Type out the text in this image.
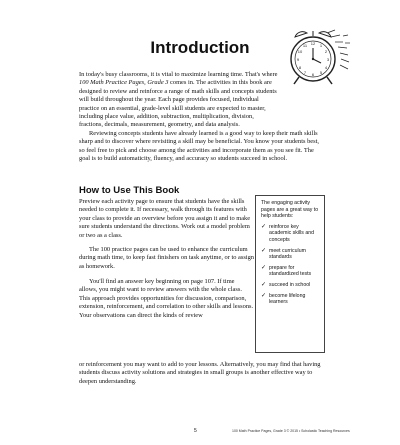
Introduction	12
3
6
9
1
2
4
5
7
8
10
11

In today's busy classrooms, it is vital to maximize learning time. That's where 100 Math Practice Pages, Grade 3 comes in. The activities in this book are designed to review and reinforce a range of math skills and concepts students will build throughout the year. Each page provides focused, individual practice on an essential, grade-level skill students are expected to master, including place value, addition, subtraction, multiplication, division, fractions, decimals, measurement, geometry, and data analysis.

Reviewing concepts students have already learned is a good way to keep their math skills sharp and to discover where revisiting a skill may be beneficial. You know your students best, so feel free to pick and choose among the activities and incorporate them as you see fit. The goal is to build automaticity, fluency, and accuracy so students succeed in school.

How to Use This Book

Preview each activity page to ensure that students have the skills needed to complete it. If necessary, walk through its features with your class to provide an overview before you assign it and to make sure students understand the directions. Work out a model problem or two as a class.

The 100 practice pages can be used to enhance the curriculum during math time, to keep fast finishers on task anytime, or to assign as homework.

You'll find an answer key beginning on page 107. If time allows, you might want to review answers with the whole class. This approach provides opportunities for discussion, comparison, extension, reinforcement, and correlation to other skills and lessons. Your observations can direct the kinds of review

or reinforcement you may want to add to your lessons. Alternatively, you may find that having students discuss activity solutions and strategies in small groups is another effective way to deepen understanding.

The engaging activity pages are a great way to help students:

✓ reinforce key academic skills and concepts
✓ meet curriculum standards
✓ prepare for standardized tests
✓ succeed in school
✓ become lifelong learners
5	100 Math Practice Pages, Grade 3 © 2015 • Scholastic Teaching Resources
